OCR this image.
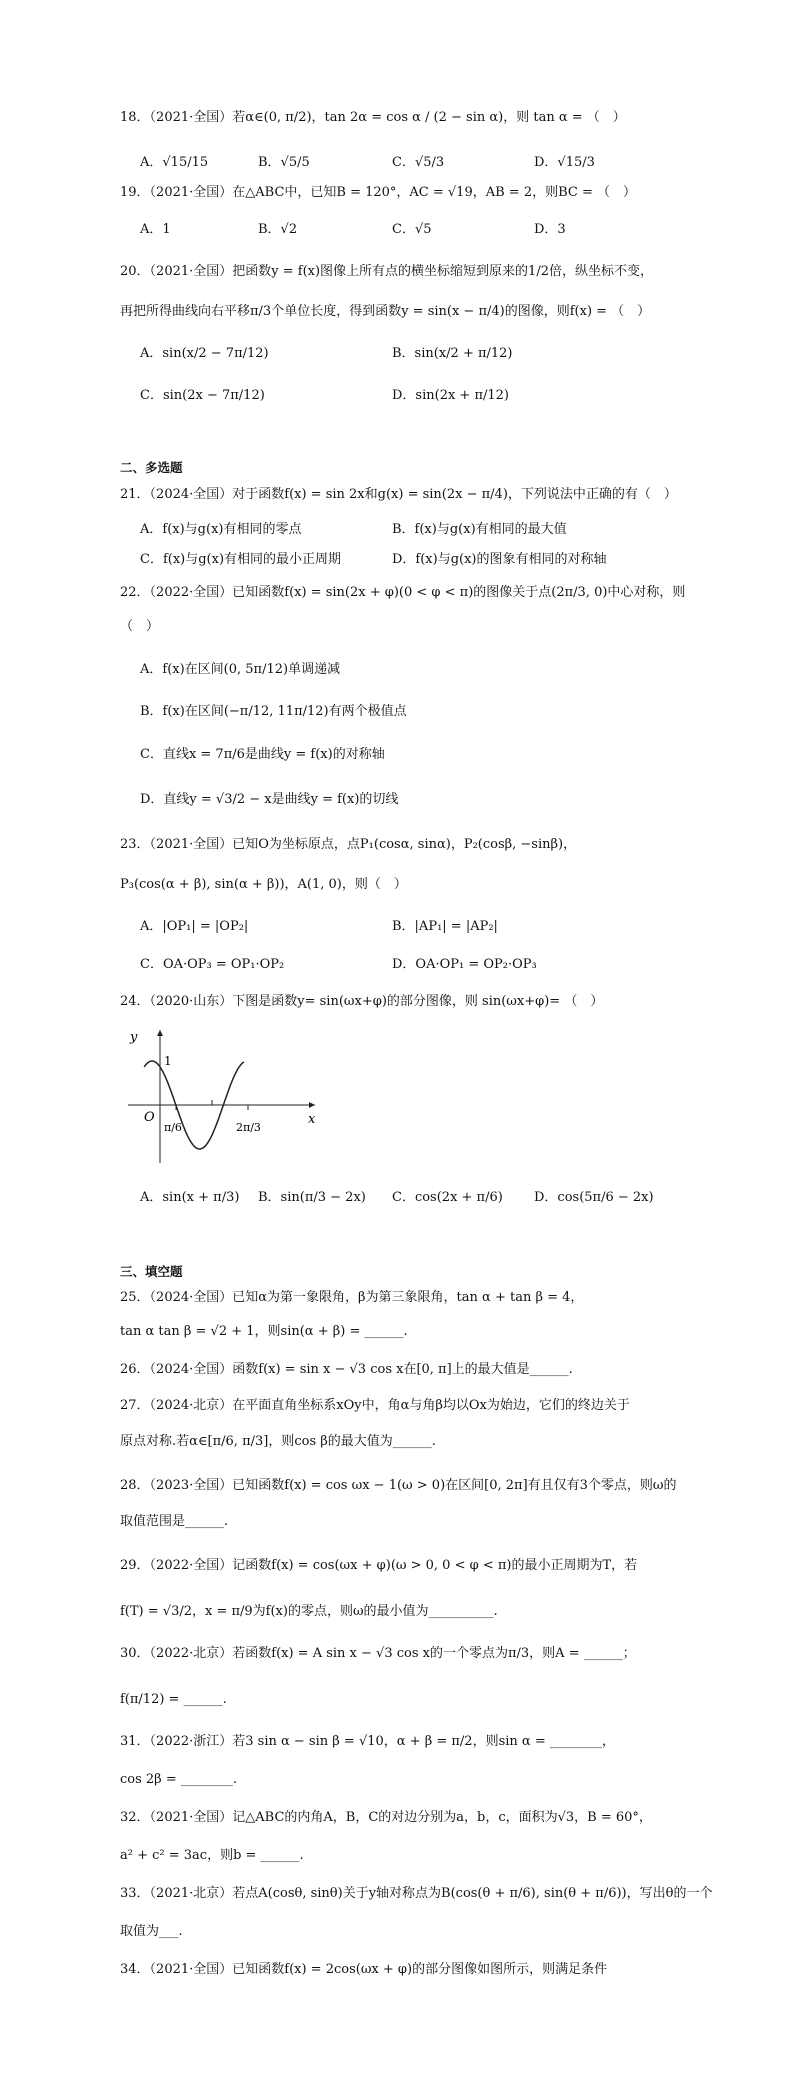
18．（2021·全国）若α∈(0, π/2)，tan 2α = cos α / (2 − sin α)，则 tan α = （　）
A．√15/15	B．√5/5	C．√5/3	D．√15/3
19．（2021·全国）在△ABC中，已知B = 120°，AC = √19，AB = 2，则BC = （　）
A．1	B．√2	C．√5	D．3
20．（2021·全国）把函数y = f(x)图像上所有点的横坐标缩短到原来的1/2倍，纵坐标不变，
再把所得曲线向右平移π/3个单位长度，得到函数y = sin(x − π/4)的图像，则f(x) = （　）
A．sin(x/2 − 7π/12)	B．sin(x/2 + π/12)
C．sin(2x − 7π/12)	D．sin(2x + π/12)
二、多选题
21．（2024·全国）对于函数f(x) = sin 2x和g(x) = sin(2x − π/4)，下列说法中正确的有（　）
A．f(x)与g(x)有相同的零点	B．f(x)与g(x)有相同的最大值
C．f(x)与g(x)有相同的最小正周期	D．f(x)与g(x)的图象有相同的对称轴
22．（2022·全国）已知函数f(x) = sin(2x + φ)(0 < φ < π)的图像关于点(2π/3, 0)中心对称，则
（　）
A．f(x)在区间(0, 5π/12)单调递减
B．f(x)在区间(−π/12, 11π/12)有两个极值点
C．直线x = 7π/6是曲线y = f(x)的对称轴
D．直线y = √3/2 − x是曲线y = f(x)的切线
23．（2021·全国）已知O为坐标原点，点P₁(cosα, sinα)，P₂(cosβ, −sinβ)，
P₃(cos(α + β), sin(α + β))，A(1, 0)，则（　）
A．|OP₁| = |OP₂|	B．|AP₁| = |AP₂|
C．OA·OP₃ = OP₁·OP₂	D．OA·OP₁ = OP₂·OP₃
24．（2020·山东）下图是函数y= sin(ωx+φ)的部分图像，则 sin(ωx+φ)= （　）
y
x
O
1
π/6	2π/3
A．sin(x + π/3) B．sin(π/3 − 2x) C．cos(2x + π/6) D．cos(5π/6 − 2x)
三、填空题
25．（2024·全国）已知α为第一象限角，β为第三象限角，tan α + tan β = 4，
tan α tan β = √2 + 1，则sin(α + β) = ______.
26．（2024·全国）函数f(x) = sin x − √3 cos x在[0, π]上的最大值是______.
27．（2024·北京）在平面直角坐标系xOy中，角α与角β均以Ox为始边，它们的终边关于
原点对称.若α∈[π/6, π/3]，则cos β的最大值为______.
28．（2023·全国）已知函数f(x) = cos ωx − 1(ω > 0)在区间[0, 2π]有且仅有3个零点，则ω的
取值范围是______.
29．（2022·全国）记函数f(x) = cos(ωx + φ)(ω > 0, 0 < φ < π)的最小正周期为T，若
f(T) = √3/2，x = π/9为f(x)的零点，则ω的最小值为__________.
30．（2022·北京）若函数f(x) = A sin x − √3 cos x的一个零点为π/3，则A = ______；
f(π/12) = ______.
31．（2022·浙江）若3 sin α − sin β = √10，α + β = π/2，则sin α = ________，
cos 2β = ________.
32．（2021·全国）记△ABC的内角A，B，C的对边分别为a，b，c，面积为√3，B = 60°，
a² + c² = 3ac，则b = ______.
33．（2021·北京）若点A(cosθ, sinθ)关于y轴对称点为B(cos(θ + π/6), sin(θ + π/6))，写出θ的一个
取值为___.
34．（2021·全国）已知函数f(x) = 2cos(ωx + φ)的部分图像如图所示，则满足条件
